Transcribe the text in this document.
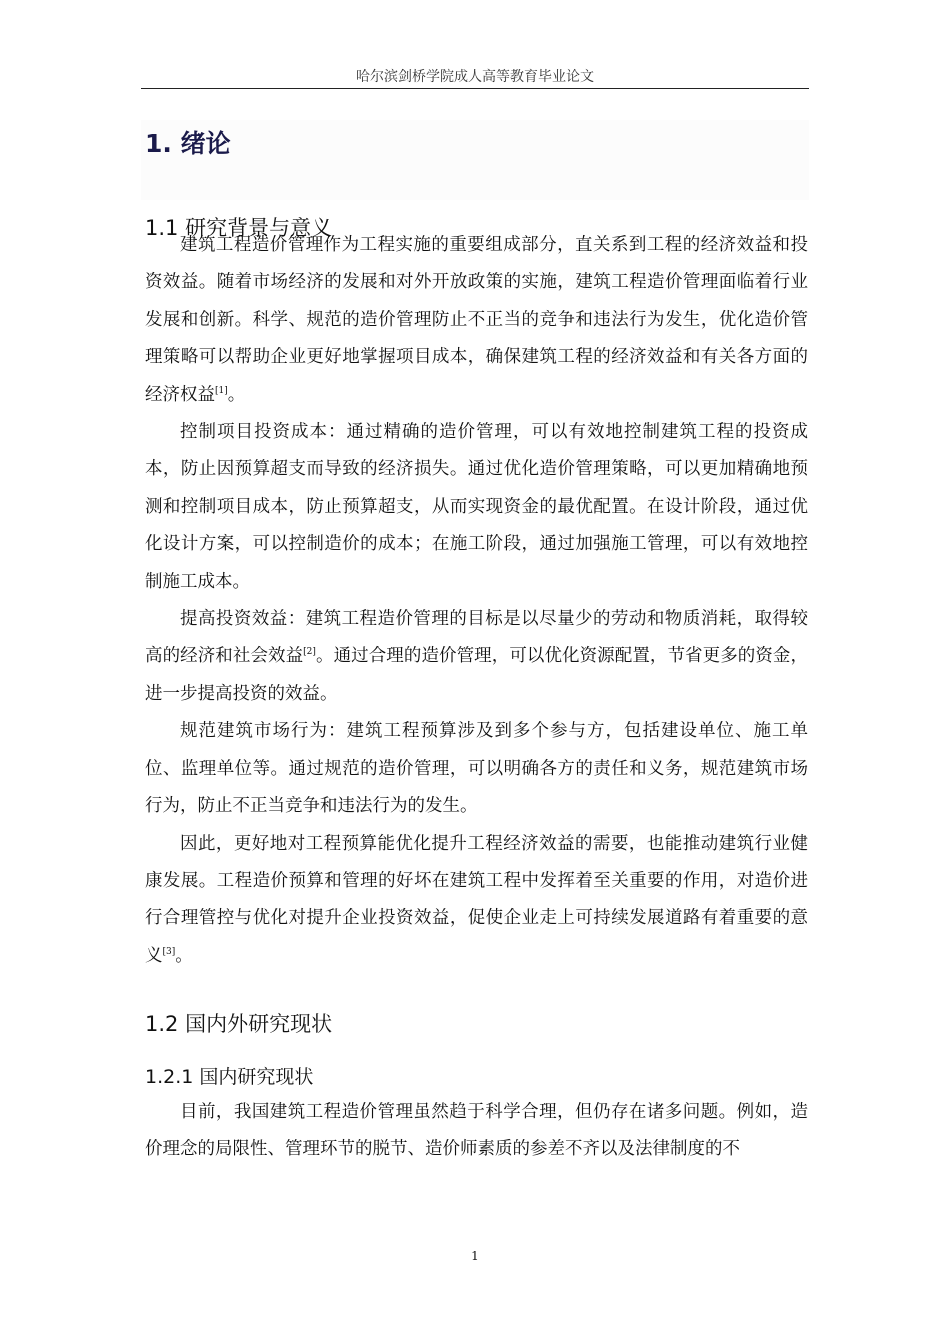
哈尔滨剑桥学院成人高等教育毕业论文
1. 绪论
1.1 研究背景与意义

建筑工程造价管理作为工程实施的重要组成部分，直关系到工程的经济效益和投资效益。随着市场经济的发展和对外开放政策的实施，建筑工程造价管理面临着行业发展和创新。科学、规范的造价管理防止不正当的竞争和违法行为发生，优化造价管理策略可以帮助企业更好地掌握项目成本，确保建筑工程的经济效益和有关各方面的经济权益[1]。

控制项目投资成本：通过精确的造价管理，可以有效地控制建筑工程的投资成本，防止因预算超支而导致的经济损失。通过优化造价管理策略，可以更加精确地预测和控制项目成本，防止预算超支，从而实现资金的最优配置。在设计阶段，通过优化设计方案，可以控制造价的成本；在施工阶段，通过加强施工管理，可以有效地控制施工成本。

提高投资效益：建筑工程造价管理的目标是以尽量少的劳动和物质消耗，取得较高的经济和社会效益[2]。通过合理的造价管理，可以优化资源配置，节省更多的资金，进一步提高投资的效益。

规范建筑市场行为：建筑工程预算涉及到多个参与方，包括建设单位、施工单位、监理单位等。通过规范的造价管理，可以明确各方的责任和义务，规范建筑市场行为，防止不正当竞争和违法行为的发生。

因此，更好地对工程预算能优化提升工程经济效益的需要，也能推动建筑行业健康发展。工程造价预算和管理的好坏在建筑工程中发挥着至关重要的作用，对造价进行合理管控与优化对提升企业投资效益，促使企业走上可持续发展道路有着重要的意义[3]。

1.2 国内外研究现状
1.2.1 国内研究现状

目前，我国建筑工程造价管理虽然趋于科学合理，但仍存在诸多问题。例如，造价理念的局限性、管理环节的脱节、造价师素质的参差不齐以及法律制度的不

1
